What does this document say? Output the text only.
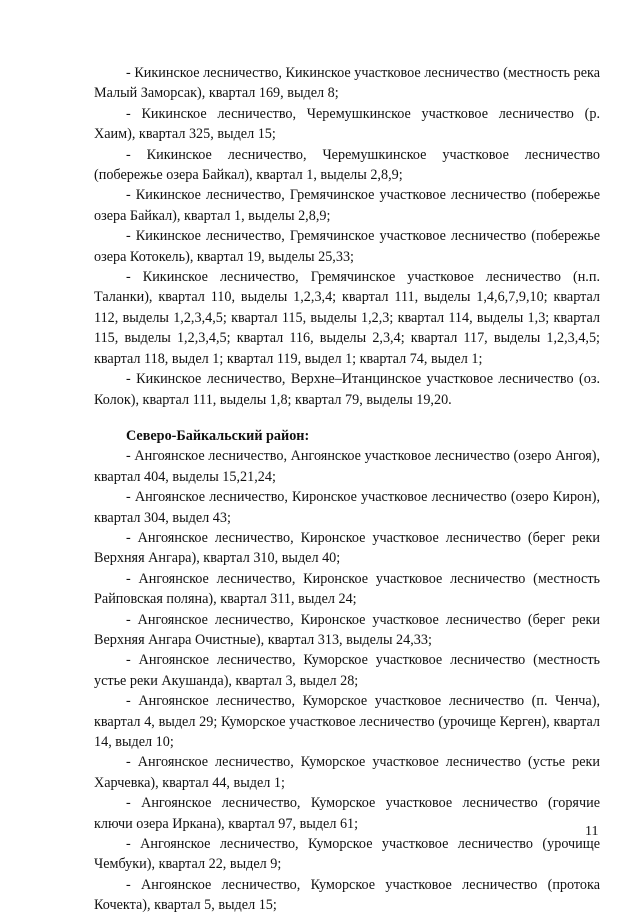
- Кикинское лесничество, Кикинское участковое лесничество (местность река Малый Заморсак), квартал 169, выдел 8;

- Кикинское лесничество, Черемушкинское участковое лесничество (р. Хаим), квартал 325, выдел 15;

- Кикинское лесничество, Черемушкинское участковое лесничество (побережье озера Байкал), квартал 1, выделы 2,8,9;

- Кикинское лесничество, Гремячинское участковое лесничество (побережье озера Байкал), квартал 1, выделы 2,8,9;

- Кикинское лесничество, Гремячинское участковое лесничество (побережье озера Котокель), квартал 19, выделы 25,33;

- Кикинское лесничество, Гремячинское участковое лесничество (н.п. Таланки), квартал 110, выделы 1,2,3,4; квартал 111, выделы 1,4,6,7,9,10; квартал 112, выделы 1,2,3,4,5; квартал 115, выделы 1,2,3; квартал 114, выделы 1,3; квартал 115, выделы 1,2,3,4,5; квартал 116, выделы 2,3,4; квартал 117, выделы 1,2,3,4,5; квартал 118, выдел 1; квартал 119, выдел 1; квартал 74, выдел 1;

- Кикинское лесничество, Верхне–Итанцинское участковое лесничество (оз. Колок), квартал 111, выделы 1,8; квартал 79, выделы 19,20.

Северо-Байкальский район:

- Ангоянское лесничество, Ангоянское участковое лесничество (озеро Ангоя), квартал 404, выделы 15,21,24;

- Ангоянское лесничество, Киронское участковое лесничество (озеро Кирон), квартал 304, выдел 43;

- Ангоянское лесничество, Киронское участковое лесничество (берег реки Верхняя Ангара), квартал 310, выдел 40;

- Ангоянское лесничество, Киронское участковое лесничество (местность Райповская поляна), квартал 311, выдел 24;

- Ангоянское лесничество, Киронское участковое лесничество (берег реки Верхняя Ангара Очистные), квартал 313, выделы 24,33;

- Ангоянское лесничество, Куморское участковое лесничество (местность устье реки Акушанда), квартал 3, выдел 28;

- Ангоянское лесничество, Куморское участковое лесничество (п. Ченча), квартал 4, выдел 29; Куморское участковое лесничество (урочище Керген), квартал 14, выдел 10;

- Ангоянское лесничество, Куморское участковое лесничество (устье реки Харчевка), квартал 44, выдел 1;

- Ангоянское лесничество, Куморское участковое лесничество (горячие ключи озера Иркана), квартал 97, выдел 61;

- Ангоянское лесничество, Куморское участковое лесничество (урочище Чембуки), квартал 22, выдел 9;

- Ангоянское лесничество, Куморское участковое лесничество (протока Кочекта), квартал 5, выдел 15;

11
